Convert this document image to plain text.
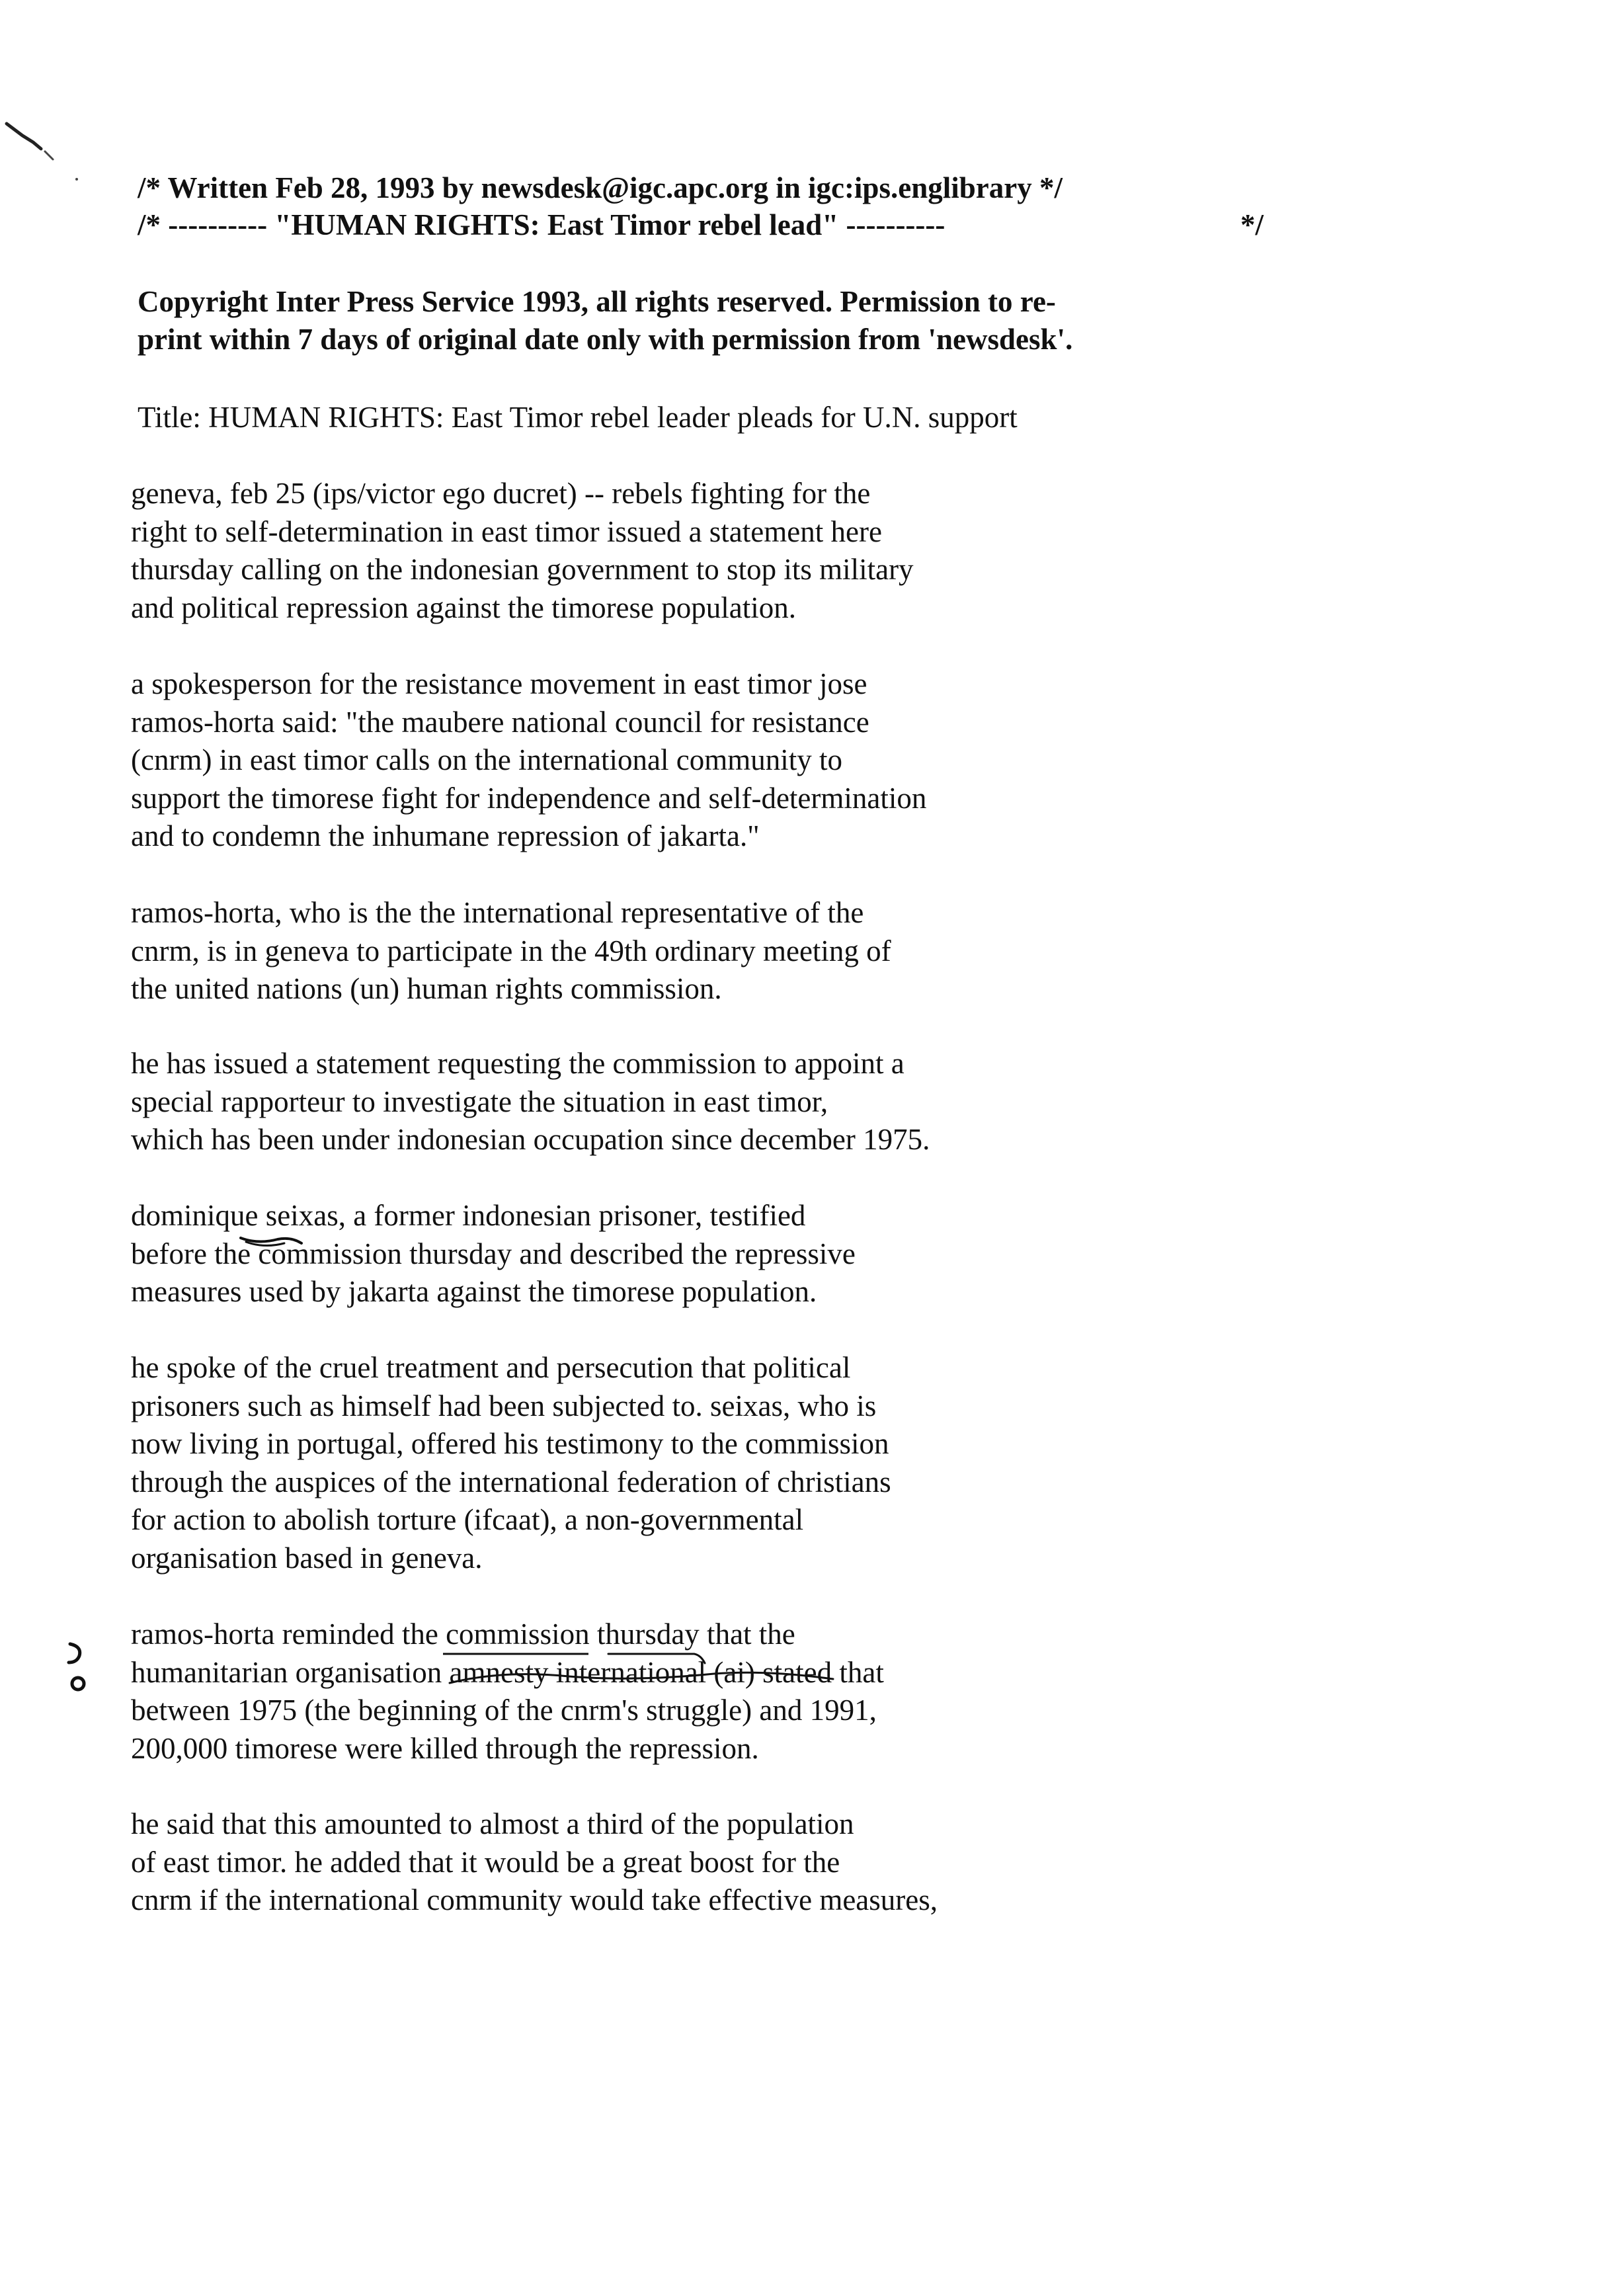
/* Written Feb 28, 1993 by newsdesk@igc.apc.org in igc:ips.englibrary */
/* ---------- "HUMAN RIGHTS: East Timor rebel lead" ----------	*/
Copyright Inter Press Service 1993, all rights reserved. Permission to re-
print within 7 days of original date only with permission from 'newsdesk'.
Title: HUMAN RIGHTS: East Timor rebel leader pleads for U.N. support
geneva, feb 25 (ips/victor ego ducret) -- rebels fighting for the
right to self-determination in east timor issued a statement here
thursday calling on the indonesian government to stop its military
and political repression against the timorese population.
a spokesperson for the resistance movement in east timor jose
ramos-horta said: "the maubere national council for resistance
(cnrm) in east timor calls on the international community to
support the timorese fight for independence and self-determination
and to condemn the inhumane repression of jakarta."
ramos-horta, who is the the international representative of the
cnrm, is in geneva to participate in the 49th ordinary meeting of
the united nations (un) human rights commission.
he has issued a statement requesting the commission to appoint a
special rapporteur to investigate the situation in east timor,
which has been under indonesian occupation since december 1975.
dominique seixas, a former indonesian prisoner, testified
before the commission thursday and described the repressive
measures used by jakarta against the timorese population.
he spoke of the cruel treatment and persecution that political
prisoners such as himself had been subjected to. seixas, who is
now living in portugal, offered his testimony to the commission
through the auspices of the international federation of christians
for action to abolish torture (ifcaat), a non-governmental
organisation based in geneva.
ramos-horta reminded the commission thursday that the
humanitarian organisation amnesty international (ai) stated that
between 1975 (the beginning of the cnrm's struggle) and 1991,
200,000 timorese were killed through the repression.
he said that this amounted to almost a third of the population
of east timor. he added that it would be a great boost for the
cnrm if the international community would take effective measures,
